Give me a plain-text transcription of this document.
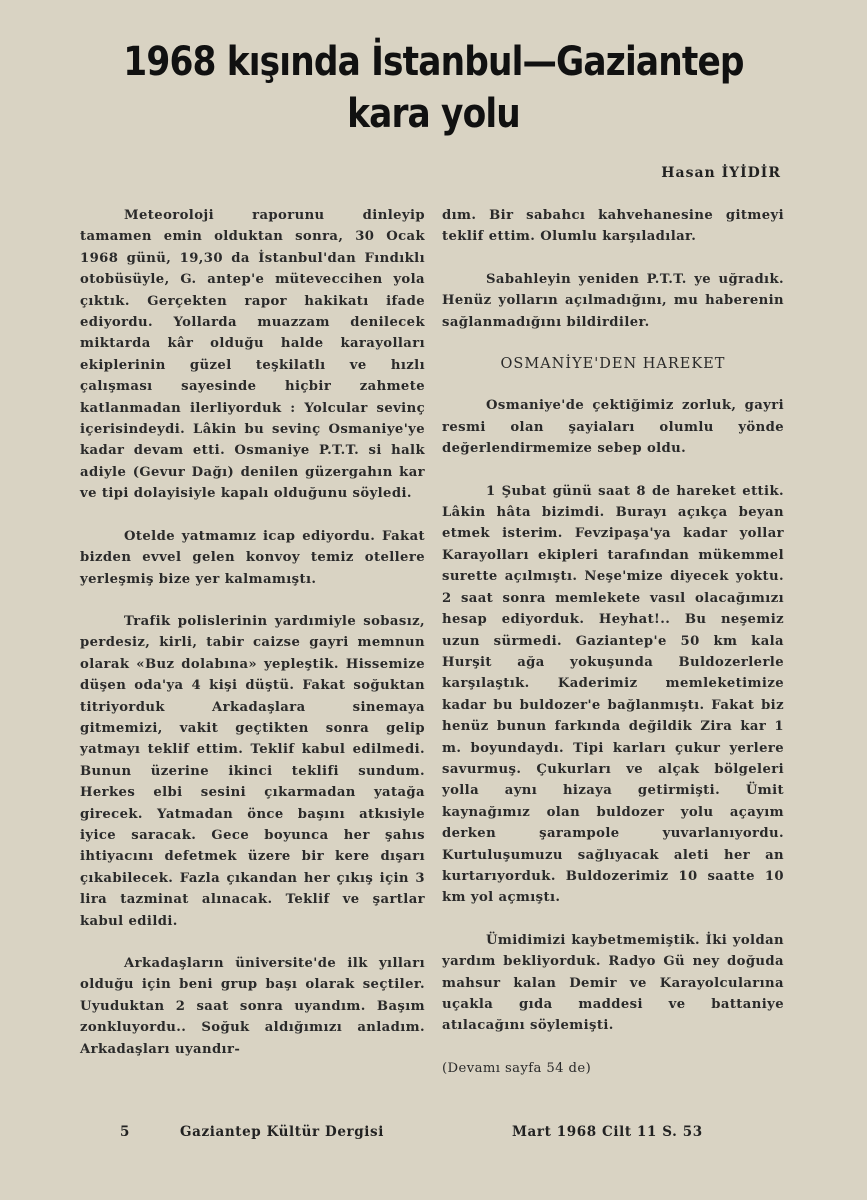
1968 kışında İstanbul—Gaziantep
kara yolu
Hasan İYİDİR

Meteoroloji raporunu dinleyip tamamen emin olduktan sonra, 30 Ocak 1968 günü, 19,30 da İstanbul'dan Fındıklı otobüsüyle, G. antep'e müteveccihen yola çıktık. Gerçekten rapor hakikatı ifade ediyordu. Yollarda muazzam denilecek miktarda kâr olduğu halde karayolları ekiplerinin güzel teşkilatlı ve hızlı çalışması sayesinde hiçbir zahmete katlanmadan ilerliyorduk : Yolcular sevinç içerisindeydi. Lâkin bu sevinç Osmaniye'ye kadar devam etti. Osmaniye P.T.T. si halk adiyle (Gevur Dağı) denilen güzergahın kar ve tipi dolayisiyle kapalı olduğunu söyledi.

Otelde yatmamız icap ediyordu. Fakat bizden evvel gelen konvoy temiz otellere yerleşmiş bize yer kalmamıştı.

Trafik polislerinin yardımiyle sobasız, perdesiz, kirli, tabir caizse gayri memnun olarak «Buz dolabına» yepleştik. Hissemize düşen oda'ya 4 kişi düştü. Fakat soğuktan titriyorduk Arkadaşlara sinemaya gitmemizi, vakit geçtikten sonra gelip yatmayı teklif ettim. Teklif kabul edilmedi. Bunun üzerine ikinci teklifi sundum. Herkes elbi sesini çıkarmadan yatağa girecek. Yatmadan önce başını atkısiyle iyice saracak. Gece boyunca her şahıs ihtiyacını defetmek üzere bir kere dışarı çıkabilecek. Fazla çıkandan her çıkış için 3 lira tazminat alınacak. Teklif ve şartlar kabul edildi.

Arkadaşların üniversite'de ilk yılları olduğu için beni grup başı olarak seçtiler. Uyuduktan 2 saat sonra uyandım. Başım zonkluyordu.. Soğuk aldığımızı anladım. Arkadaşları uyandır-

dım. Bir sabahcı kahvehanesine gitmeyi teklif ettim. Olumlu karşıladılar.

Sabahleyin yeniden P.T.T. ye uğradık. Henüz yolların açılmadığını, mu haberenin sağlanmadığını bildirdiler.

OSMANİYE'DEN HAREKET

Osmaniye'de çektiğimiz zorluk, gayri resmi olan şayiaları olumlu yönde değerlendirmemize sebep oldu.

1 Şubat günü saat 8 de hareket ettik. Lâkin hâta bizimdi. Burayı açıkça beyan etmek isterim. Fevzipaşa'ya kadar yollar Karayolları ekipleri tarafından mükemmel surette açılmıştı. Neşe'mize diyecek yoktu. 2 saat sonra memlekete vasıl olacağımızı hesap ediyorduk. Heyhat!.. Bu neşemiz uzun sürmedi. Gaziantep'e 50 km kala Hurşit ağa yokuşunda Buldozerlerle karşılaştık. Kaderimiz memleketimize kadar bu buldozer'e bağlanmıştı. Fakat biz henüz bunun farkında değildik Zira kar 1 m. boyundaydı. Tipi karları çukur yerlere savurmuş. Çukurları ve alçak bölgeleri yolla aynı hizaya getirmişti. Ümit kaynağımız olan buldozer yolu açayım derken şarampole yuvarlanıyordu. Kurtuluşumuzu sağlıyacak aleti her an kurtarıyorduk. Buldozerimiz 10 saatte 10 km yol açmıştı.

Ümidimizi kaybetmemiştik. İki yoldan yardım bekliyorduk. Radyo Gü ney doğuda mahsur kalan Demir ve Karayolcularına uçakla gıda maddesi ve battaniye atılacağını söylemişti.

(Devamı sayfa 54 de)

5	Gaziantep Kültür Dergisi	Mart 1968 Cilt 11 S. 53
